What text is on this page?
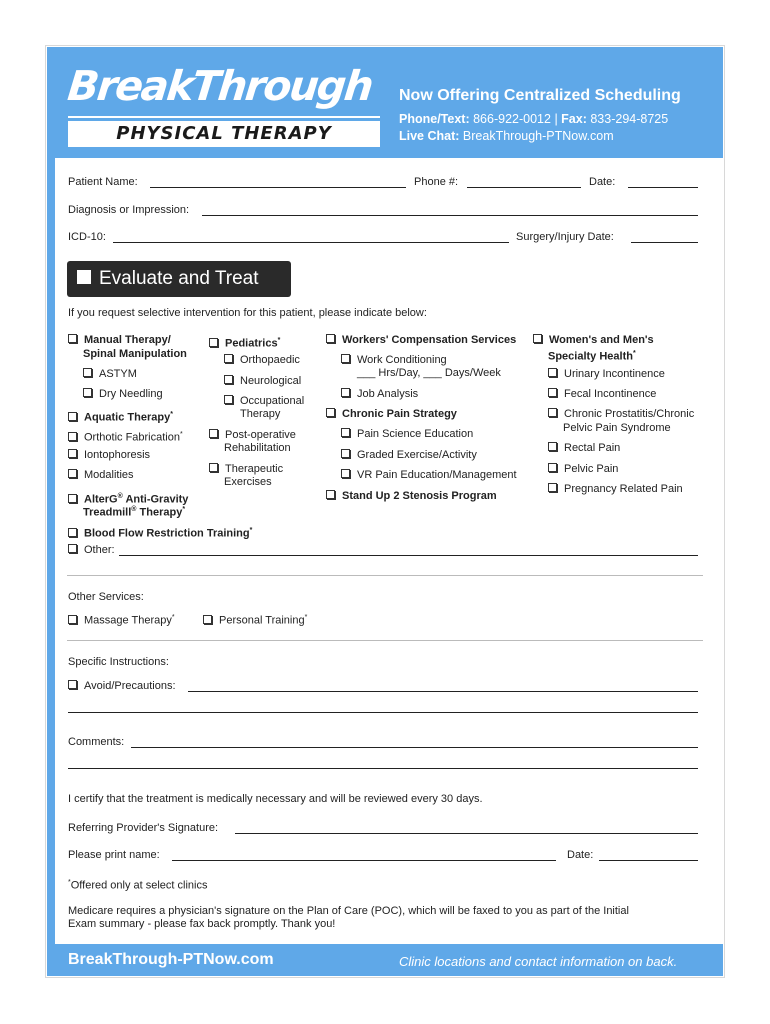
BreakThrough
PHYSICAL THERAPY
Now Offering Centralized Scheduling
Phone/Text: 866-922-0012 | Fax: 833-294-8725
Live Chat: BreakThrough-PTNow.com
Patient Name:	Phone #:	Date:
Diagnosis or Impression:
ICD-10:	Surgery/Injury Date:
Evaluate and Treat
If you request selective intervention for this patient, please indicate below:
Manual Therapy/
Spinal Manipulation
ASTYM
Dry Needling
Aquatic Therapy*
Orthotic Fabrication*
Iontophoresis
Modalities
AlterG® Anti-Gravity
Treadmill® Therapy*
Pediatrics*
Orthopaedic
Neurological
Occupational
Therapy
Post-operative
Rehabilitation
Therapeutic
Exercises
Workers' Compensation Services
Work Conditioning
___ Hrs/Day, ___ Days/Week
Job Analysis
Chronic Pain Strategy
Pain Science Education
Graded Exercise/Activity
VR Pain Education/Management
Stand Up 2 Stenosis Program
Women's and Men's
Specialty Health*
Urinary Incontinence
Fecal Incontinence
Chronic Prostatitis/Chronic
Pelvic Pain Syndrome
Rectal Pain
Pelvic Pain
Pregnancy Related Pain
Blood Flow Restriction Training*
Other:
Other Services:
Massage Therapy*	Personal Training*
Specific Instructions:
Avoid/Precautions:
Comments:
I certify that the treatment is medically necessary and will be reviewed every 30 days.
Referring Provider's Signature:
Please print name:	Date:
*Offered only at select clinics
Medicare requires a physician's signature on the Plan of Care (POC), which will be faxed to you as part of the Initial
Exam summary - please fax back promptly. Thank you!
BreakThrough-PTNow.com	Clinic locations and contact information on back.
